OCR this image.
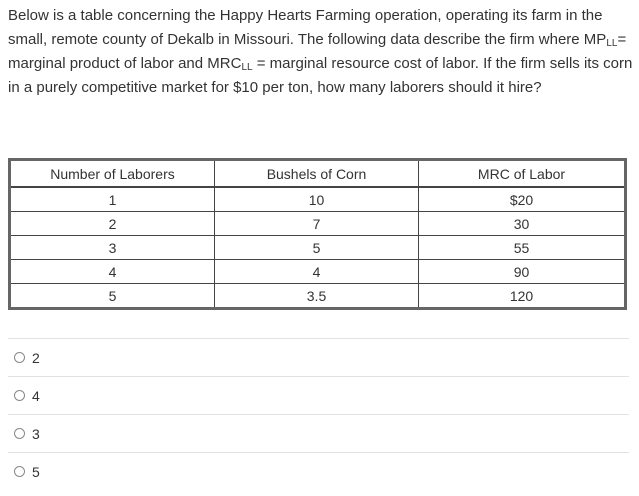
Below is a table concerning the Happy Hearts Farming operation, operating its farm in the small, remote county of Dekalb in Missouri. The following data describe the firm where $MP_{LL}=$ marginal product of labor and $MRC_{LL}$ = marginal resource cost of labor. If the firm sells its corn in a purely competitive market for $10 per ton, how many laborers should it hire?
Number of Laborers	Bushels of Corn	MRC of Labor
1	10	$20
2	7	30
3	5	55
4	4	90
5	3.5	120
2
4
3
5
